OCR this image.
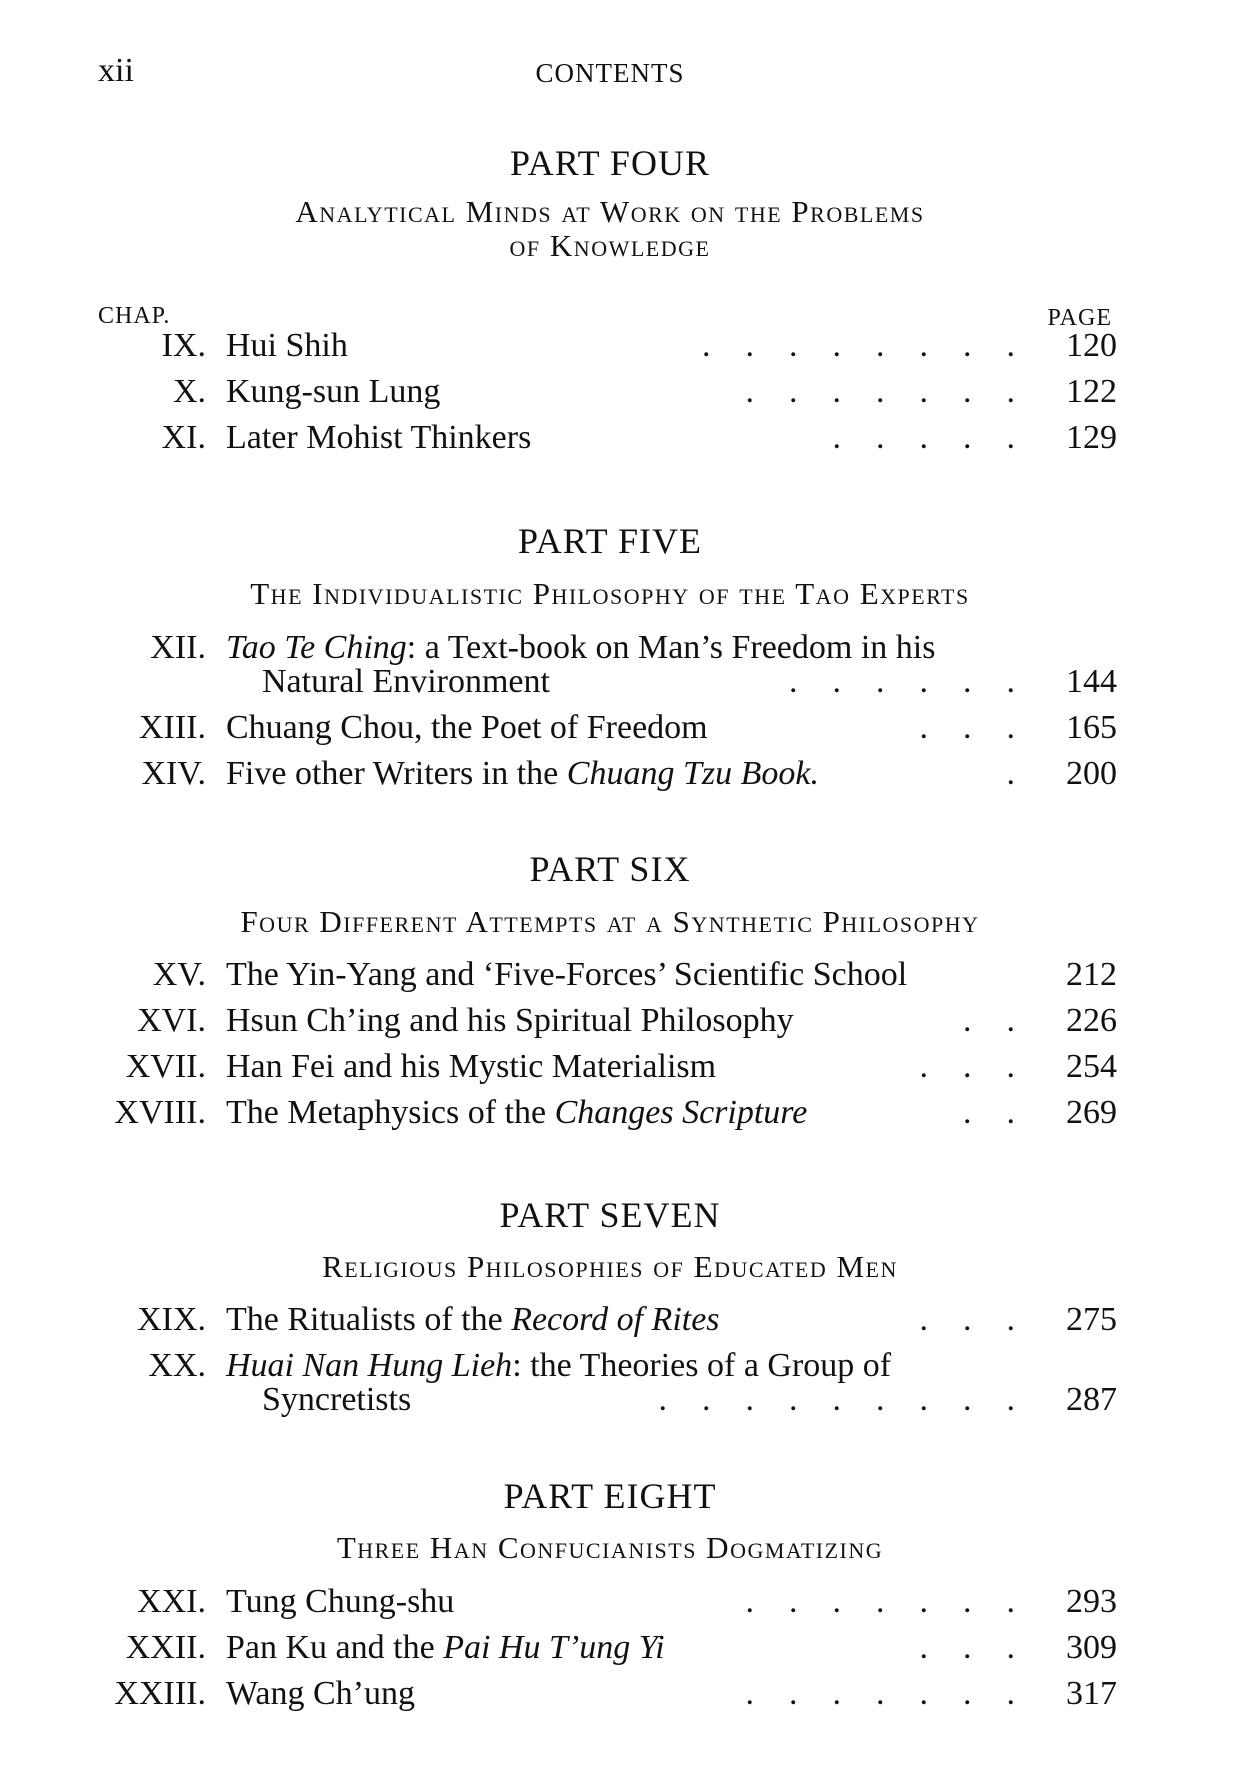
xii	CONTENTS
PART FOUR
Analytical Minds at Work on the Problems
of Knowledge
CHAP.	PAGE
IX. Hui Shih	........ 120
X. Kung-sun Lung	....... 122
XI. Later Mohist Thinkers	..... 129
PART FIVE
The Individualistic Philosophy of the Tao Experts
XII. Tao Te Ching: a Text-book on Man’s Freedom in his
Natural Environment	...... 144
XIII. Chuang Chou, the Poet of Freedom	... 165
XIV. Five other Writers in the Chuang Tzu Book.	. 200
PART SIX
Four Different Attempts at a Synthetic Philosophy
XV. The Yin-Yang and ‘Five-Forces’ Scientific School	212
XVI. Hsun Ch’ing and his Spiritual Philosophy	.. 226
XVII. Han Fei and his Mystic Materialism	... 254
XVIII. The Metaphysics of the Changes Scripture	.. 269
PART SEVEN
Religious Philosophies of Educated Men
XIX. The Ritualists of the Record of Rites	... 275
XX. Huai Nan Hung Lieh: the Theories of a Group of
Syncretists	......... 287
PART EIGHT
Three Han Confucianists Dogmatizing
XXI. Tung Chung-shu	....... 293
XXII. Pan Ku and the Pai Hu T’ung Yi	... 309
XXIII. Wang Ch’ung	....... 317
